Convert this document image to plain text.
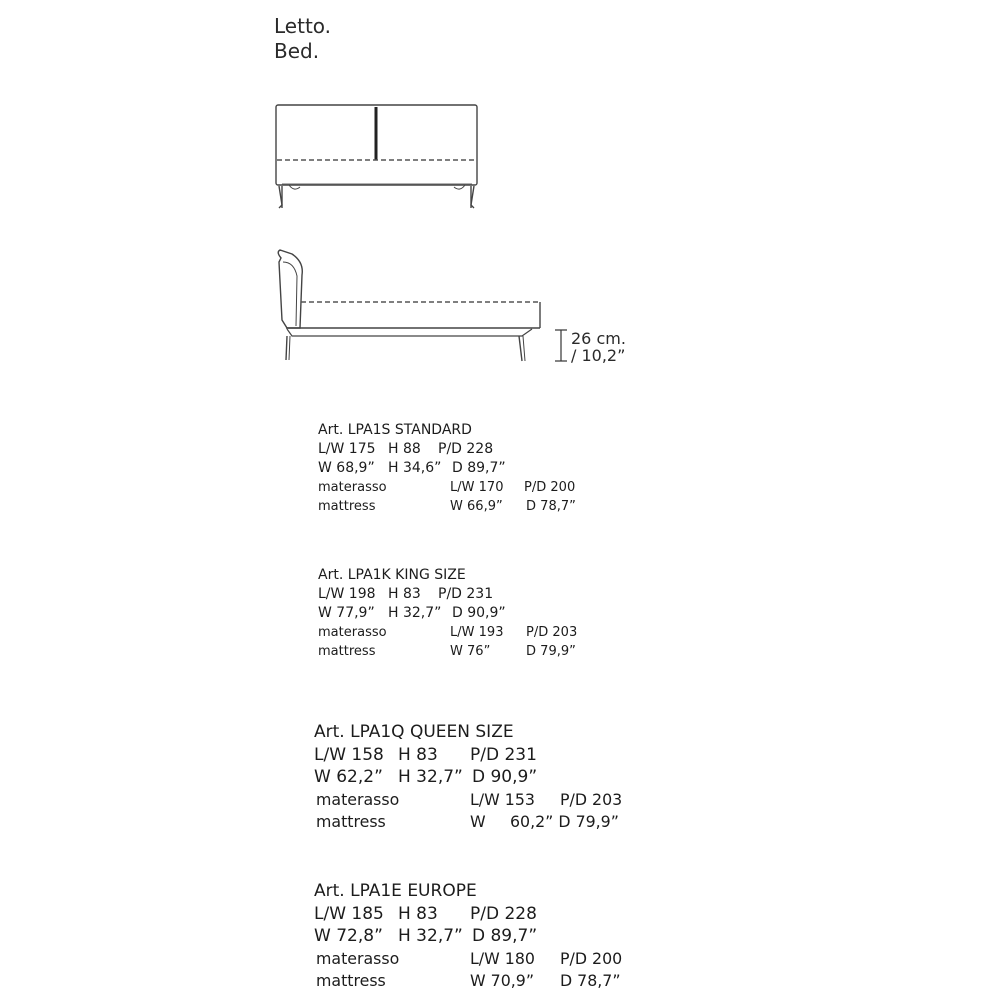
Letto.
Bed.
26 cm.
/ 10,2”
Art. LPA1S STANDARD
L/W 175 H 88 P/D 228
W 68,9” H 34,6” D 89,7”
materasso	L/W 170 P/D 200
mattress	W 66,9” D 78,7”
Art. LPA1K KING SIZE
L/W 198 H 83 P/D 231
W 77,9” H 32,7” D 90,9”
materasso	L/W 193 P/D 203
mattress	W 76”	D 79,9”
Art. LPA1Q QUEEN SIZE
L/W 158 H 83 P/D 231
W 62,2” H 32,7” D 90,9”
materasso	L/W 153 P/D 203
mattress	W 60,2” D 79,9”
Art. LPA1E EUROPE
L/W 185 H 83 P/D 228
W 72,8” H 32,7” D 89,7”
materasso	L/W 180 P/D 200
mattress	W 70,9” D 78,7”
